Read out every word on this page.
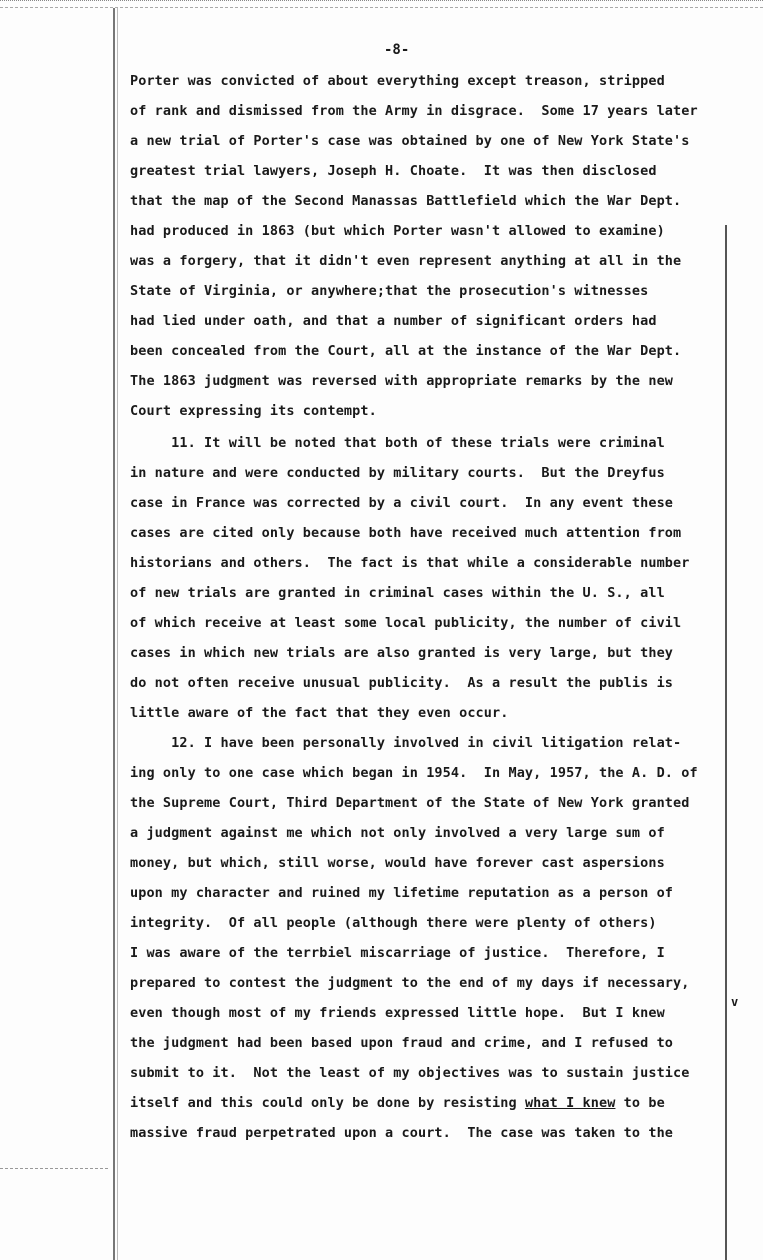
-8-
Porter was convicted of about everything except treason, stripped
of rank and dismissed from the Army in disgrace.  Some 17 years later
a new trial of Porter's case was obtained by one of New York State's
greatest trial lawyers, Joseph H. Choate.  It was then disclosed
that the map of the Second Manassas Battlefield which the War Dept.
had produced in 1863 (but which Porter wasn't allowed to examine)
was a forgery, that it didn't even represent anything at all in the
State of Virginia, or anywhere;that the prosecution's witnesses
had lied under oath, and that a number of significant orders had
been concealed from the Court, all at the instance of the War Dept.
The 1863 judgment was reversed with appropriate remarks by the new
Court expressing its contempt.
11. It will be noted that both of these trials were criminal
in nature and were conducted by military courts.  But the Dreyfus
case in France was corrected by a civil court.  In any event these
cases are cited only because both have received much attention from
historians and others.  The fact is that while a considerable number
of new trials are granted in criminal cases within the U. S., all
of which receive at least some local publicity, the number of civil
cases in which new trials are also granted is very large, but they
do not often receive unusual publicity.  As a result the publis is
little aware of the fact that they even occur.
12. I have been personally involved in civil litigation relat-
ing only to one case which began in 1954.  In May, 1957, the A. D. of
the Supreme Court, Third Department of the State of New York granted
a judgment against me which not only involved a very large sum of
money, but which, still worse, would have forever cast aspersions
upon my character and ruined my lifetime reputation as a person of
integrity.  Of all people (although there were plenty of others)
I was aware of the terrbiel miscarriage of justice.  Therefore, I
prepared to contest the judgment to the end of my days if necessary,
even though most of my friends expressed little hope.  But I knew
the judgment had been based upon fraud and crime, and I refused to
submit to it.  Not the least of my objectives was to sustain justice
itself and this could only be done by resisting what I knew to be
massive fraud perpetrated upon a court.  The case was taken to the
v
